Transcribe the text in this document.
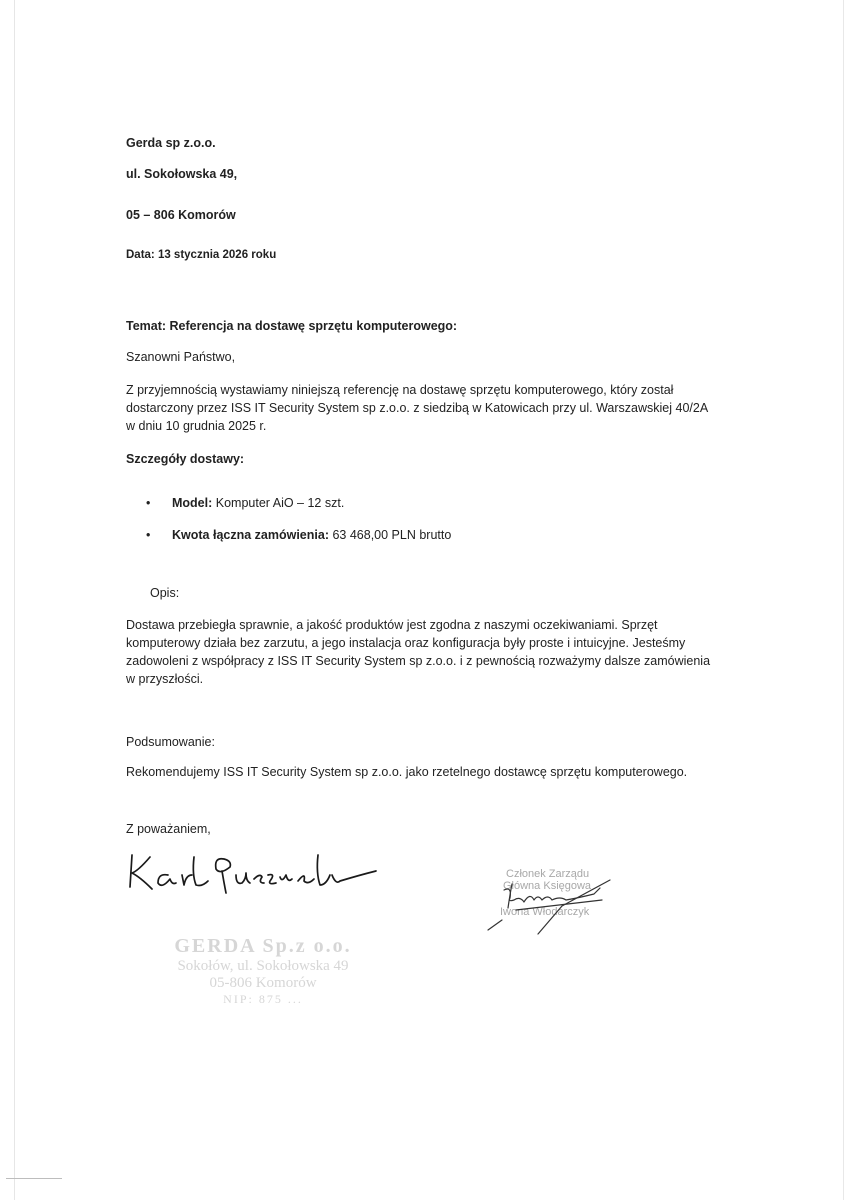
Gerda sp z.o.o.
ul. Sokołowska 49,
05 – 806 Komorów
Data: 13 stycznia 2026 roku
Temat: Referencja na dostawę sprzętu komputerowego:
Szanowni Państwo,
Z przyjemnością wystawiamy niniejszą referencję na dostawę sprzętu komputerowego, który został
dostarczony przez ISS IT Security System sp z.o.o. z siedzibą w Katowicach przy ul. Warszawskiej 40/2A
w dniu 10 grudnia 2025 r.
Szczegóły dostawy:
• Model: Komputer AiO – 12 szt.
• Kwota łączna zamówienia: 63 468,00 PLN brutto
Opis:
Dostawa przebiegła sprawnie, a jakość produktów jest zgodna z naszymi oczekiwaniami. Sprzęt
komputerowy działa bez zarzutu, a jego instalacja oraz konfiguracja były proste i intuicyjne. Jesteśmy
zadowoleni z współpracy z ISS IT Security System sp z.o.o. i z pewnością rozważymy dalsze zamówienia
w przyszłości.
Podsumowanie:
Rekomendujemy ISS IT Security System sp z.o.o. jako rzetelnego dostawcę sprzętu komputerowego.
Z poważaniem,
GERDA Sp.z o.o.
Sokołów, ul. Sokołowska 49
05-806 Komorów
NIP: 875 ...
Członek Zarządu
Główna Księgowa
Iwona Włodarczyk
